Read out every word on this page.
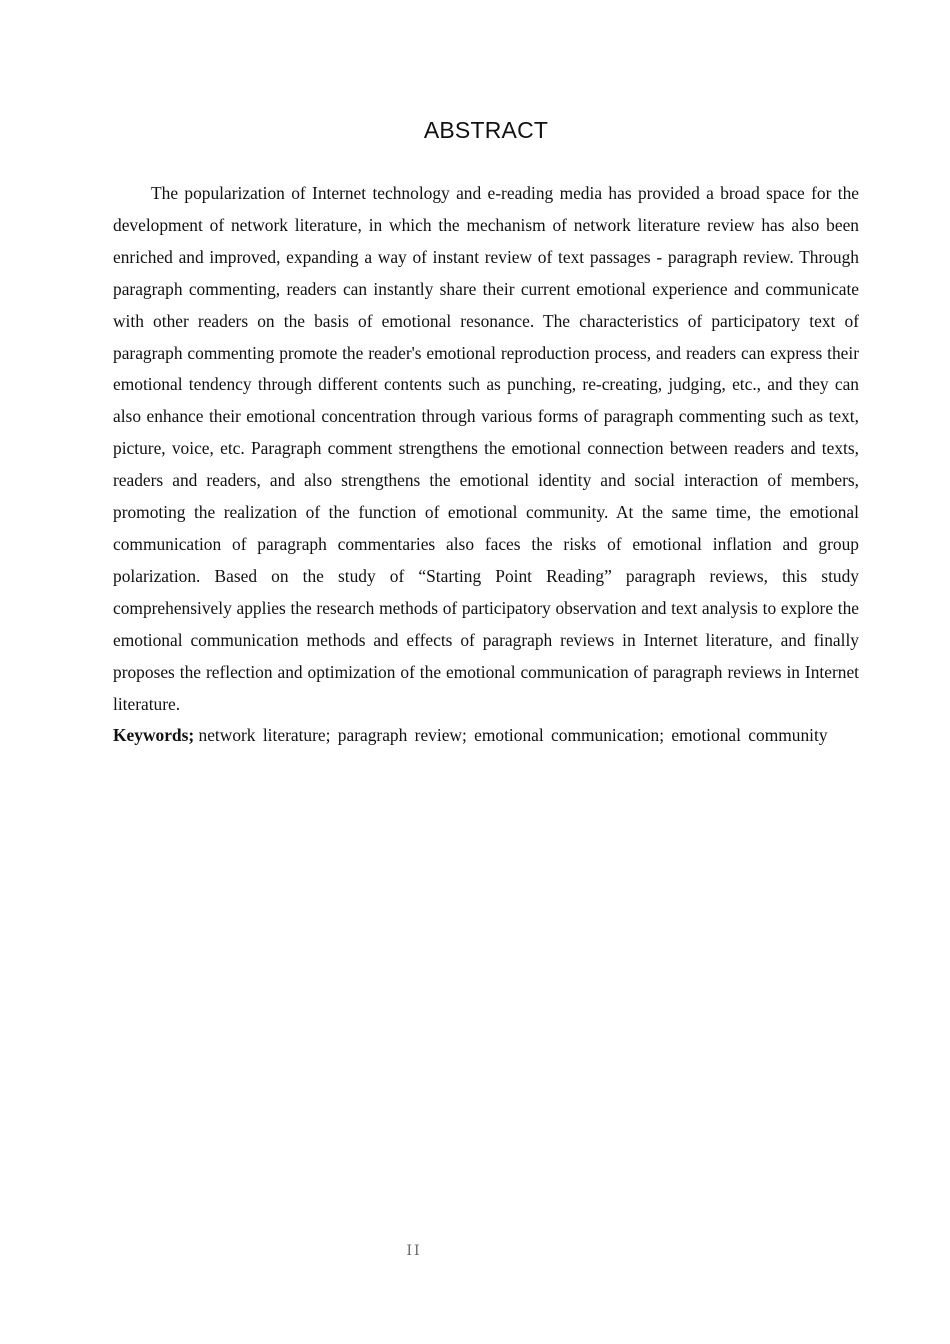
ABSTRACT

The popularization of Internet technology and e-reading media has provided a broad space for the development of network literature, in which the mechanism of network literature review has also been enriched and improved, expanding a way of instant review of text passages - paragraph review. Through paragraph commenting, readers can instantly share their current emotional experience and communicate with other readers on the basis of emotional resonance. The characteristics of participatory text of paragraph commenting promote the reader's emotional reproduction process, and readers can express their emotional tendency through different contents such as punching, re-creating, judging, etc., and they can also enhance their emotional concentration through various forms of paragraph commenting such as text, picture, voice, etc. Paragraph comment strengthens the emotional connection between readers and texts, readers and readers, and also strengthens the emotional identity and social interaction of members, promoting the realization of the function of emotional community. At the same time, the emotional communication of paragraph commentaries also faces the risks of emotional inflation and group polarization. Based on the study of “Starting Point Reading” paragraph reviews, this study comprehensively applies the research methods of participatory observation and text analysis to explore the emotional communication methods and effects of paragraph reviews in Internet literature, and finally proposes the reflection and optimization of the emotional communication of paragraph reviews in Internet literature.

Keywords; network literature; paragraph review; emotional communication; emotional community

II
